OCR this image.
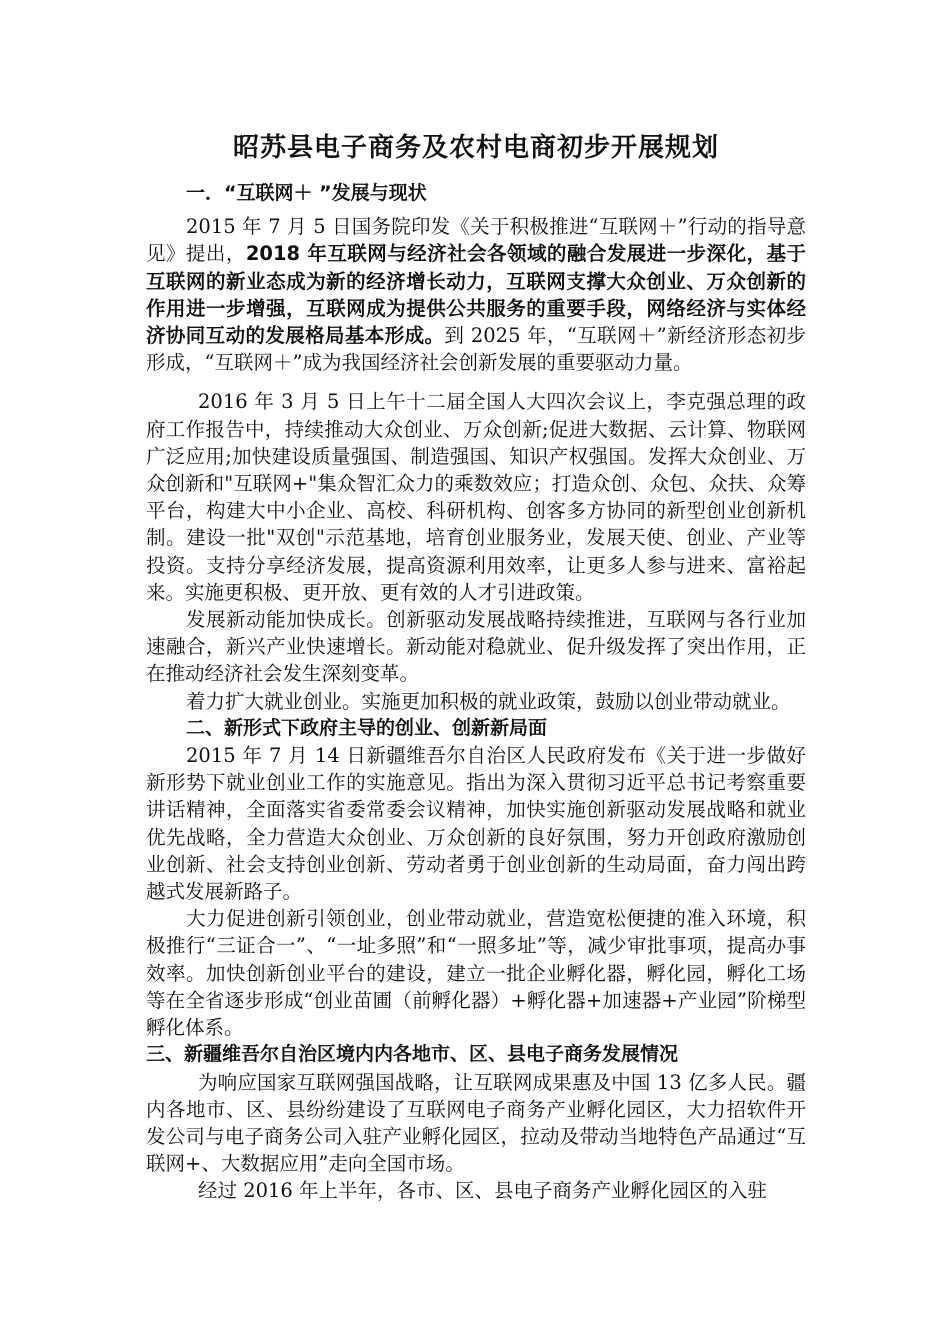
昭苏县电子商务及农村电商初步开展规划
一．“互联网＋ ”发展与现状

2015 年 7 月 5 日国务院印发《关于积极推进“互联网＋”行动的指导意见》提出，2018 年互联网与经济社会各领域的融合发展进一步深化，基于互联网的新业态成为新的经济增长动力，互联网支撑大众创业、万众创新的作用进一步增强，互联网成为提供公共服务的重要手段，网络经济与实体经济协同互动的发展格局基本形成。到 2025 年，“互联网＋”新经济形态初步形成，“互联网＋”成为我国经济社会创新发展的重要驱动力量。

2016 年 3 月 5 日上午十二届全国人大四次会议上，李克强总理的政府工作报告中，持续推动大众创业、万众创新;促进大数据、云计算、物联网广泛应用;加快建设质量强国、制造强国、知识产权强国。发挥大众创业、万众创新和"互联网+"集众智汇众力的乘数效应；打造众创、众包、众扶、众筹平台，构建大中小企业、高校、科研机构、创客多方协同的新型创业创新机制。建设一批"双创"示范基地，培育创业服务业，发展天使、创业、产业等投资。支持分享经济发展，提高资源利用效率，让更多人参与进来、富裕起来。实施更积极、更开放、更有效的人才引进政策。

发展新动能加快成长。创新驱动发展战略持续推进，互联网与各行业加速融合，新兴产业快速增长。新动能对稳就业、促升级发挥了突出作用，正在推动经济社会发生深刻变革。

着力扩大就业创业。实施更加积极的就业政策，鼓励以创业带动就业。

二、新形式下政府主导的创业、创新新局面

2015 年 7 月 14 日新疆维吾尔自治区人民政府发布《关于进一步做好新形势下就业创业工作的实施意见。指出为深入贯彻习近平总书记考察重要讲话精神，全面落实省委常委会议精神，加快实施创新驱动发展战略和就业优先战略，全力营造大众创业、万众创新的良好氛围，努力开创政府激励创业创新、社会支持创业创新、劳动者勇于创业创新的生动局面，奋力闯出跨越式发展新路子。

大力促进创新引领创业，创业带动就业，营造宽松便捷的准入环境，积极推行“三证合一”、“一址多照”和“一照多址”等，减少审批事项，提高办事效率。加快创新创业平台的建设，建立一批企业孵化器，孵化园，孵化工场等在全省逐步形成“创业苗圃（前孵化器）+孵化器+加速器+产业园”阶梯型孵化体系。

三、新疆维吾尔自治区境内内各地市、区、县电子商务发展情况

为响应国家互联网强国战略，让互联网成果惠及中国 13 亿多人民。疆内各地市、区、县纷纷建设了互联网电子商务产业孵化园区，大力招软件开发公司与电子商务公司入驻产业孵化园区，拉动及带动当地特色产品通过“互联网+、大数据应用”走向全国市场。

经过 2016 年上半年，各市、区、县电子商务产业孵化园区的入驻
